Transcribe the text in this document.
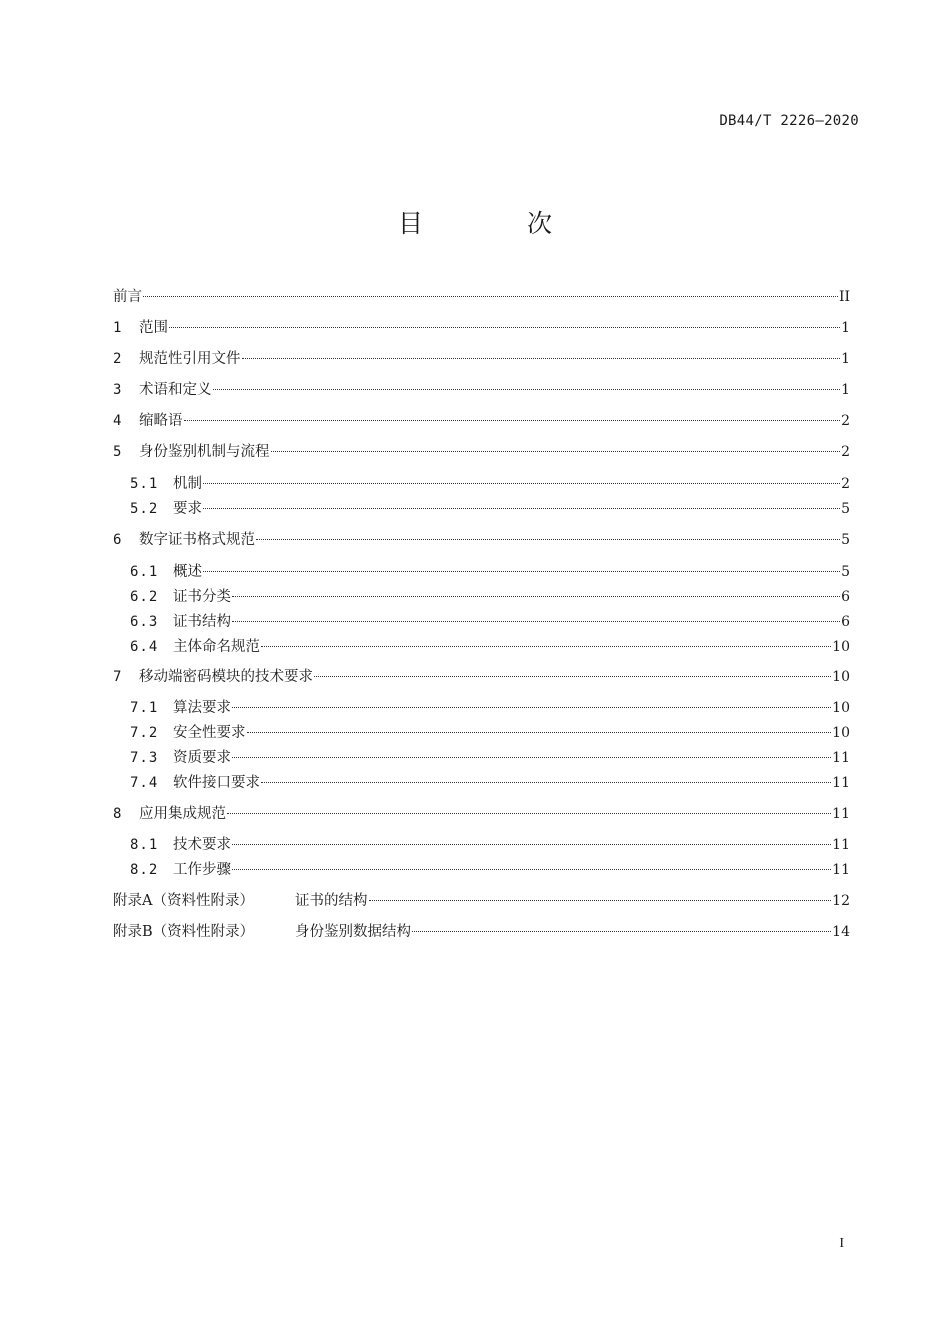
DB44/T 2226—2020
目 次
前言	II
1	范围	1
2	规范性引用文件	1
3	术语和定义	1
4	缩略语	2
5	身份鉴别机制与流程	2
5.1	机制	2
5.2	要求	5
6	数字证书格式规范	5
6.1	概述	5
6.2	证书分类	6
6.3	证书结构	6
6.4	主体命名规范	10
7	移动端密码模块的技术要求	10
7.1	算法要求	10
7.2	安全性要求	10
7.3	资质要求	11
7.4	软件接口要求	11
8	应用集成规范	11
8.1	技术要求	11
8.2	工作步骤	11
附录A（资料性附录）	证书的结构	12
附录B（资料性附录）	身份鉴别数据结构	14
I
